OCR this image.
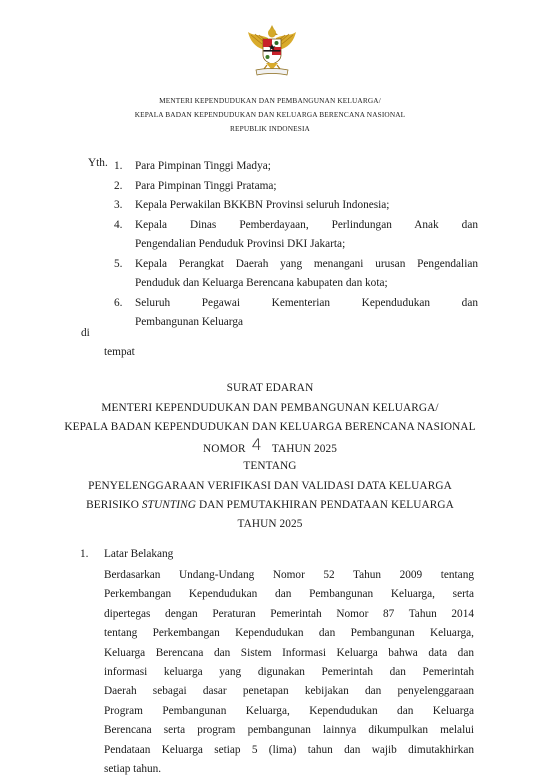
MENTERI KEPENDUDUKAN DAN PEMBANGUNAN KELUARGA/
KEPALA BADAN KEPENDUDUKAN DAN KELUARGA BERENCANA NASIONAL
REPUBLIK INDONESIA
Yth. 1.	Para Pimpinan Tinggi Madya;
2.	Para Pimpinan Tinggi Pratama;
3.	Kepala Perwakilan BKKBN Provinsi seluruh Indonesia;
4.	Kepala Dinas Pemberdayaan, Perlindungan Anak dan
Pengendalian Penduduk Provinsi DKI Jakarta;
5.	Kepala Perangkat Daerah yang menangani urusan Pengendalian
Penduduk dan Keluarga Berencana kabupaten dan kota;
6.	Seluruh Pegawai Kementerian Kependudukan dan
Pembangunan Keluarga
di
tempat
SURAT EDARAN
MENTERI KEPENDUDUKAN DAN PEMBANGUNAN KELUARGA/
KEPALA BADAN KEPENDUDUKAN DAN KELUARGA BERENCANA NASIONAL
NOMOR 4 TAHUN 2025
TENTANG
PENYELENGGARAAN VERIFIKASI DAN VALIDASI DATA KELUARGA
BERISIKO STUNTING DAN PEMUTAKHIRAN PENDATAAN KELUARGA
TAHUN 2025
1. Latar Belakang
Berdasarkan Undang-Undang Nomor 52 Tahun 2009 tentang
Perkembangan Kependudukan dan Pembangunan Keluarga, serta
dipertegas dengan Peraturan Pemerintah Nomor 87 Tahun 2014
tentang Perkembangan Kependudukan dan Pembangunan Keluarga,
Keluarga Berencana dan Sistem Informasi Keluarga bahwa data dan
informasi keluarga yang digunakan Pemerintah dan Pemerintah
Daerah sebagai dasar penetapan kebijakan dan penyelenggaraan
Program Pembangunan Keluarga, Kependudukan dan Keluarga
Berencana serta program pembangunan lainnya dikumpulkan melalui
Pendataan Keluarga setiap 5 (lima) tahun dan wajib dimutakhirkan
setiap tahun.
